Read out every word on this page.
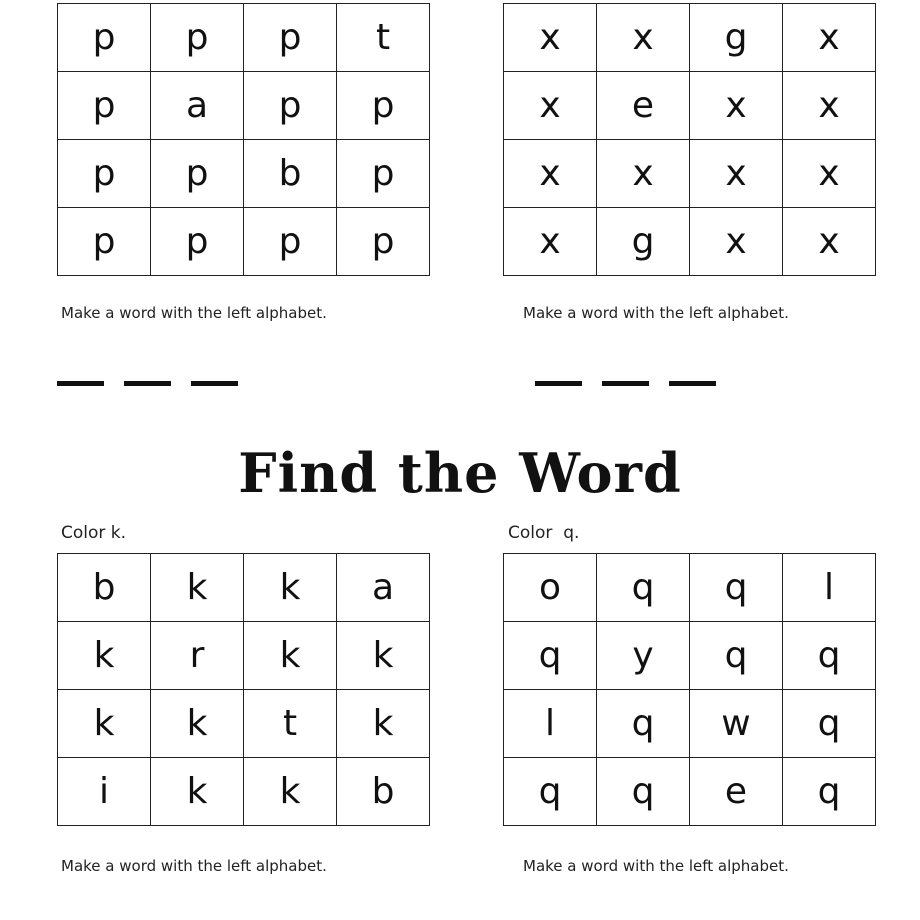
p	p	p	t
p	a	p	p
p	p	b	p
p	p	p	p
x	x	g	x
x	e	x	x
x	x	x	x
x	g	x	x

Make a word with the left alphabet.	Make a word with the left alphabet.

Find the Word

Color k.	Color  q.

b	k	k	a
k	r	k	k
k	k	t	k
i	k	k	b
o	q	q	l
q	y	q	q
l	q	w	q
q	q	e	q

Make a word with the left alphabet.	Make a word with the left alphabet.
